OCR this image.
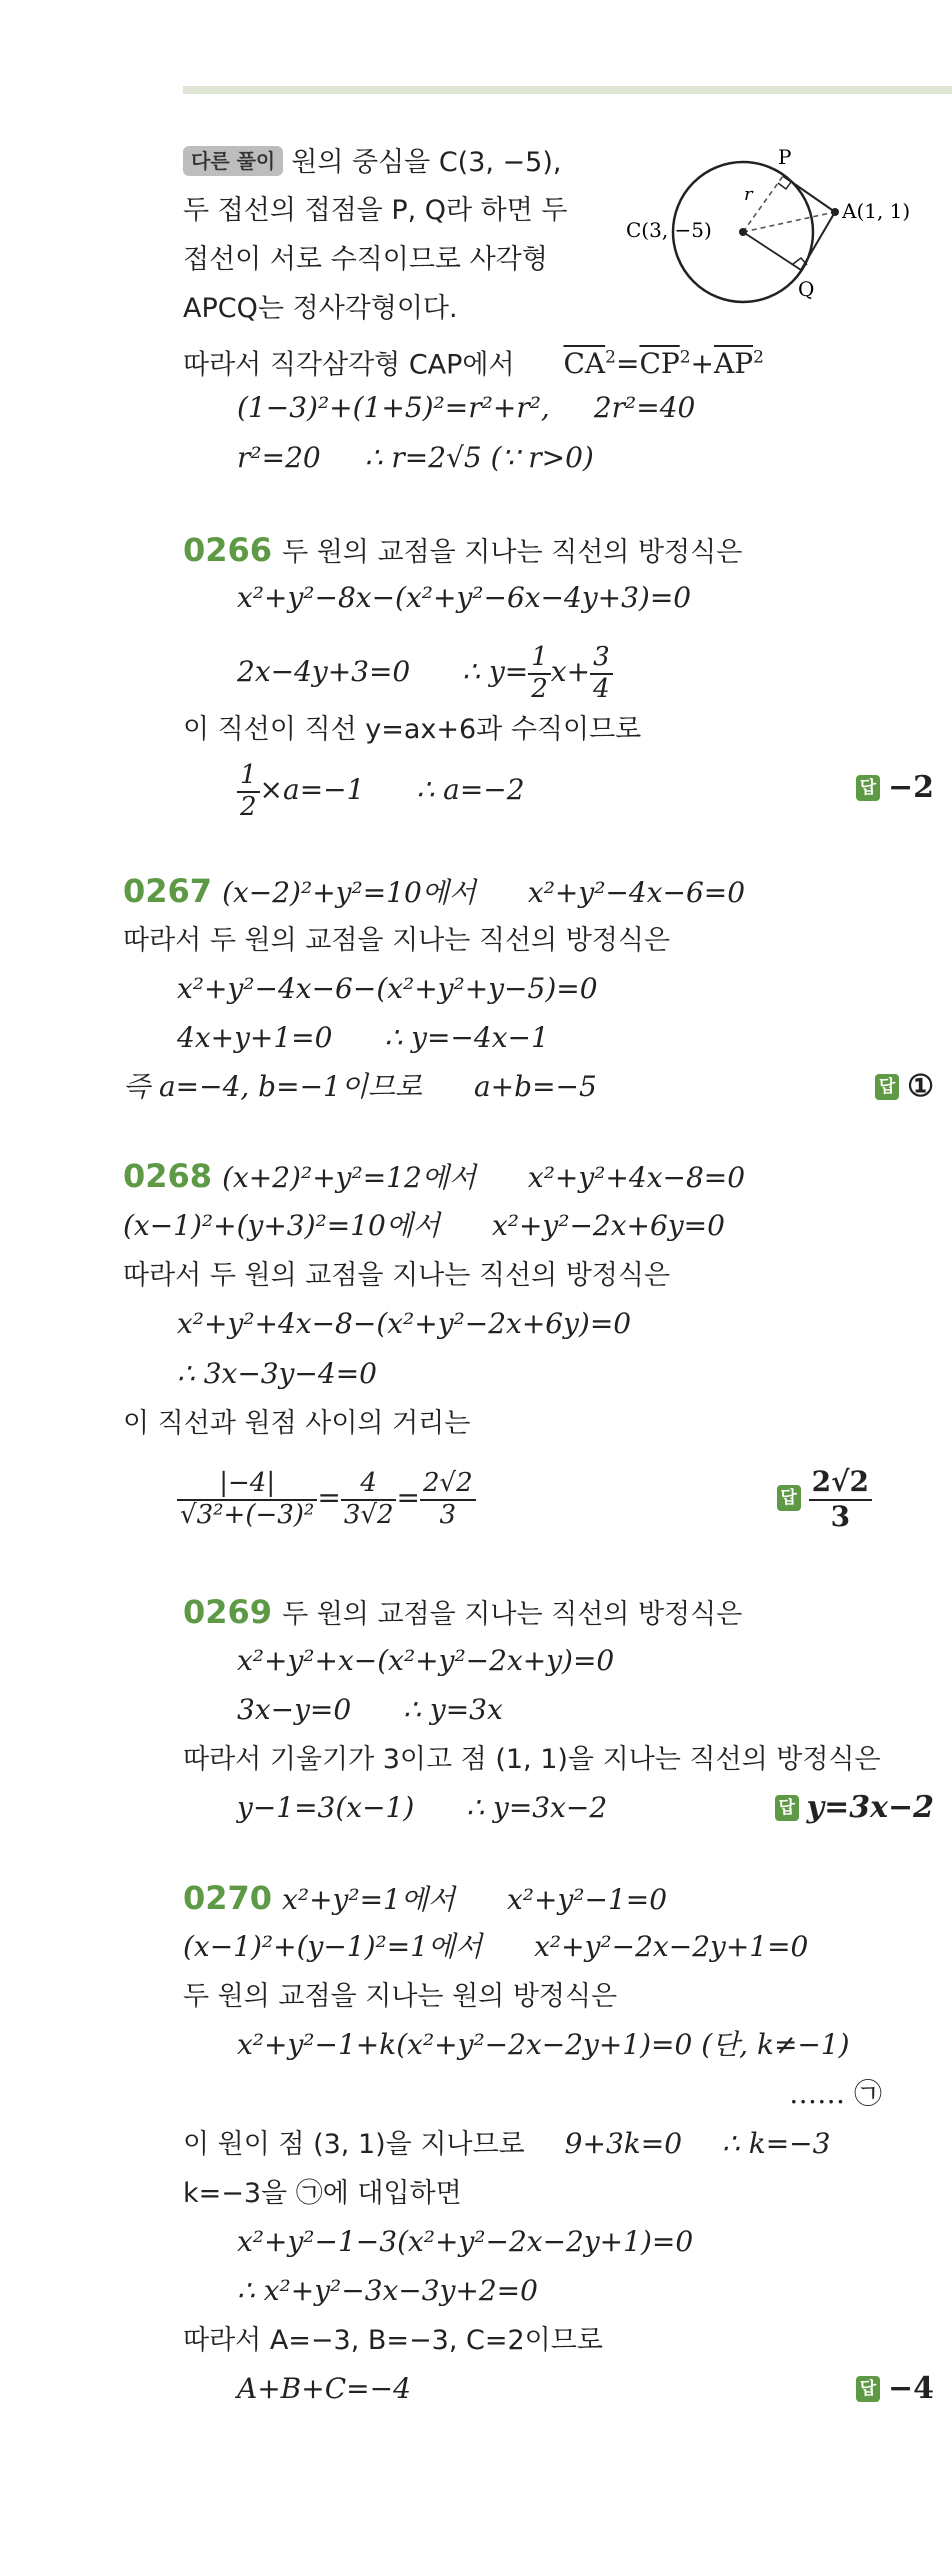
다른 풀이 원의 중심을 C(3, −5),
두 접선의 접점을 P, Q라 하면 두
접선이 서로 수직이므로 사각형
APCQ는 정사각형이다.
따라서 직각삼각형 CAP에서 $\overline{CA}^2=\overline{CP}^2+\overline{AP}^2$
(1−3)²+(1+5)²=r²+r², 2r²=40
r²=20 ∴ r=2√5 (∵ r>0)
P
Q
r
C(3, −5)
A(1, 1)
0266 두 원의 교점을 지나는 직선의 방정식은
x²+y²−8x−(x²+y²−6x−4y+3)=0
2x−4y+3=0 ∴ $y= \frac{1}{2} x+ \frac{3}{4}$
이 직선이 직선 y=ax+6과 수직이므로
$\frac{1}{2} \times a=-1$ ∴ a=−2	답 −2
0267 (x−2)²+y²=10에서 x²+y²−4x−6=0
따라서 두 원의 교점을 지나는 직선의 방정식은
x²+y²−4x−6−(x²+y²+y−5)=0
4x+y+1=0 ∴ y=−4x−1
즉 a=−4, b=−1이므로 a+b=−5	답 ①
0268 (x+2)²+y²=12에서 x²+y²+4x−8=0
(x−1)²+(y+3)²=10에서 x²+y²−2x+6y=0
따라서 두 원의 교점을 지나는 직선의 방정식은
x²+y²+4x−8−(x²+y²−2x+6y)=0
∴ 3x−3y−4=0
이 직선과 원점 사이의 거리는
$\frac{|-4|}{\text{√3²+(−3)²}} = \frac{4}{3√2} = \frac{2√2}{3}$	답 $\frac{2√2}{3}$
0269 두 원의 교점을 지나는 직선의 방정식은
x²+y²+x−(x²+y²−2x+y)=0
3x−y=0 ∴ y=3x
따라서 기울기가 3이고 점 (1, 1)을 지나는 직선의 방정식은
y−1=3(x−1) ∴ y=3x−2	답 y=3x−2
0270 x²+y²=1에서 x²+y²−1=0
(x−1)²+(y−1)²=1에서 x²+y²−2x−2y+1=0
두 원의 교점을 지나는 원의 방정식은
x²+y²−1+k(x²+y²−2x−2y+1)=0 (단, k≠−1)
…… ㉠
이 원이 점 (3, 1)을 지나므로 9+3k=0 ∴ k=−3
k=−3을 ㉠에 대입하면
x²+y²−1−3(x²+y²−2x−2y+1)=0
∴ x²+y²−3x−3y+2=0
따라서 A=−3, B=−3, C=2이므로
A+B+C=−4	답 −4
